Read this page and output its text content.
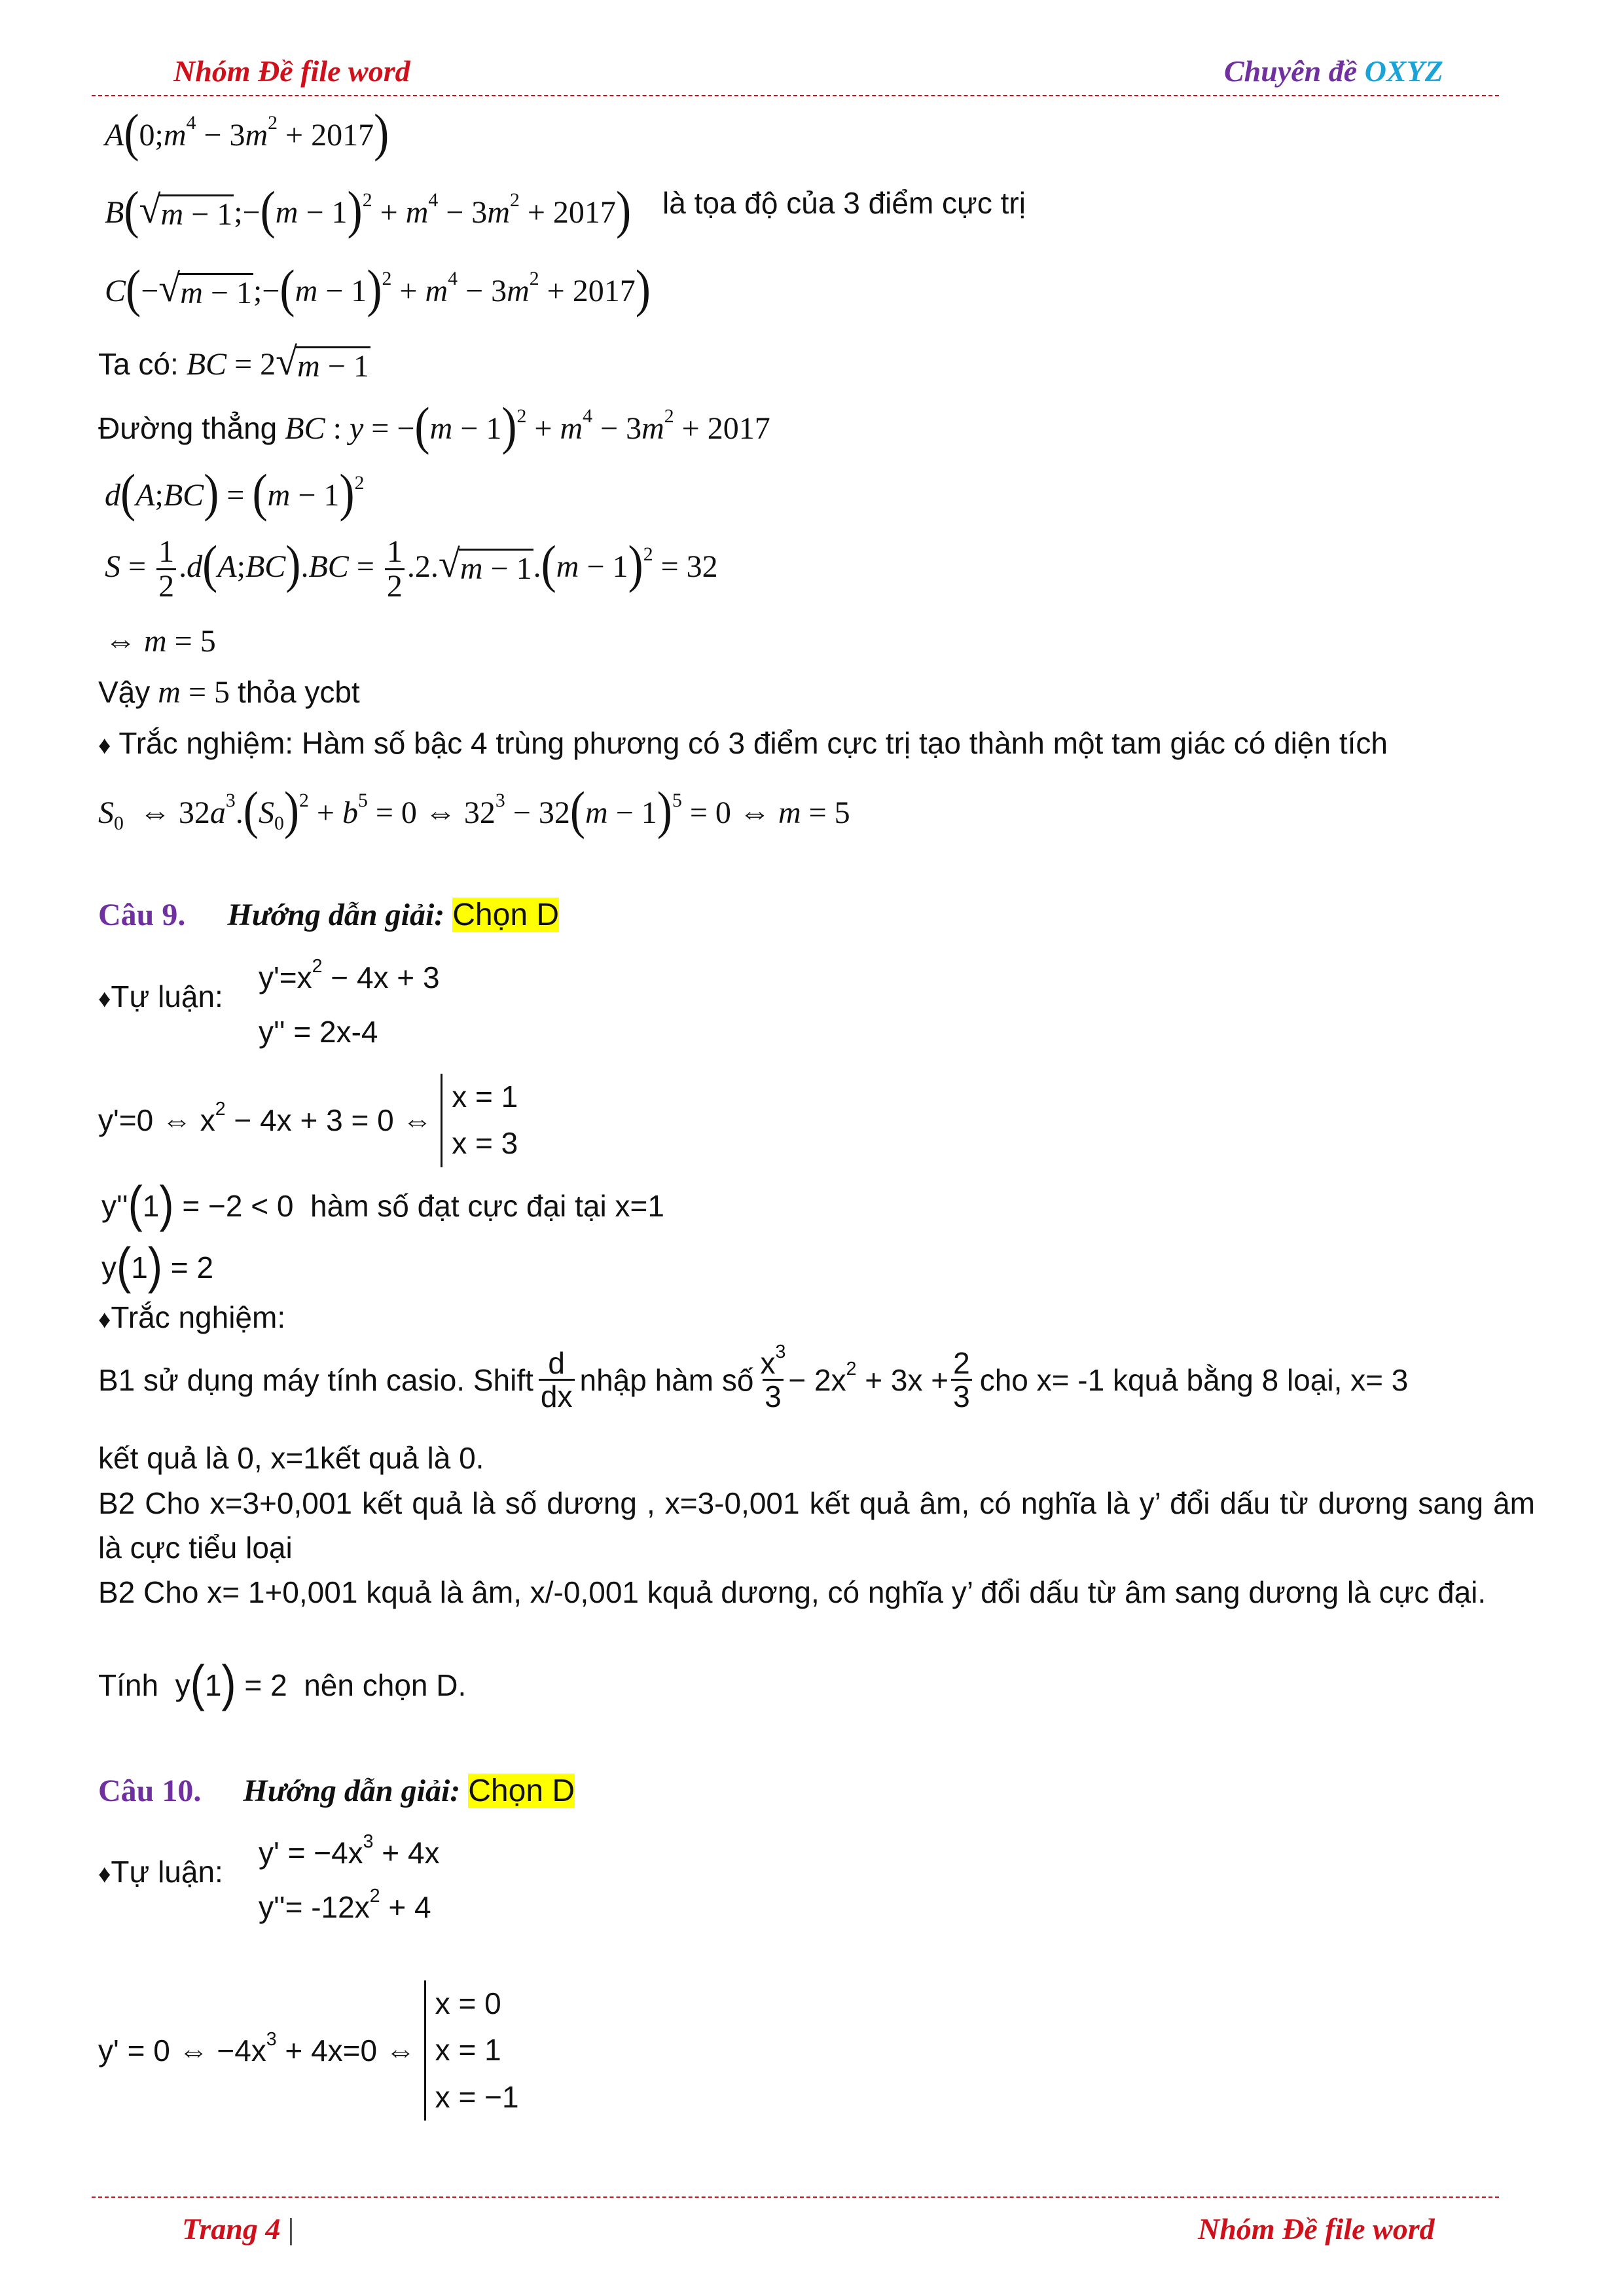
Nhóm Đề file word	Chuyên đề OXYZ
$A(0;m^4 - 3m^2 + 2017)$
B( √ m − 1 ;−(m − $1)^2 + m^4 - 3m^2 + 2017$) là tọa độ của 3 điểm cực trị
C(− √ m − 1 ;−(m − $1)^2 + m^4 - 3m^2 + 2017$)
Ta có: BC = 2 √ m − 1
Đường thẳng BC : $y = -(m - 1)^2 + m^4 - 3m^2 + 2017$
d(A;BC) = $(m - 1)^2$
$S = \frac{1}{2}$ .d(A;BC).BC = $\frac{1}{2} .2$. √ m − 1 $.(m - 1)^2 = 32$
⇔ m = 5
Vậy m = 5 thỏa ycbt
♦ Trắc nghiệm: Hàm số bậc 4 trùng phương có 3 điểm cực trị tạo thành một tam giác có diện tích
$S_0$  ⇔ $32a^3.(S_0)^2 + b^5 = 0$ ⇔ $32^3 - 32(m - 1)^5 = 0$ ⇔ m = 5
Câu 9. Hướng dẫn giải: Chọn D
♦Tự luận:
$y'=x^2 - 4x + 3$
y'' = 2x-4
y'=0 ⇔ $x^2 - 4x + 3 = 0$ ⇔
x = 1
x = 3
y''(1) = −2 < 0  hàm số đạt cực đại tại x=1
y(1) = 2
♦Trắc nghiệm:
B1 sử dụng máy tính casio. Shift $\frac{d}{dx}$ nhập hàm số $\frac{x^3}{3} - 2x^2 + 3x + \frac{2}{3}$ cho x= -1 kquả bằng 8 loại, x= 3
kết quả là 0, x=1kết quả là 0.
B2 Cho x=3+0,001 kết quả là số dương , x=3-0,001 kết quả âm, có nghĩa là y’ đổi dấu từ dương sang âm là cực tiểu loại
B2 Cho x= 1+0,001 kquả là âm, x/-0,001 kquả dương, có nghĩa y’ đổi dấu từ âm sang dương là cực đại.
Tính  y(1) = 2  nên chọn D.
Câu 10. Hướng dẫn giải: Chọn D
♦Tự luận:
$y' = -4x^3 + 4x$
$y''= -12x^2 + 4$
y' = 0 ⇔ $-4x^3 + 4x=0$ ⇔
x = 0
x = 1
x = −1
Trang 4 |	Nhóm Đề file word
